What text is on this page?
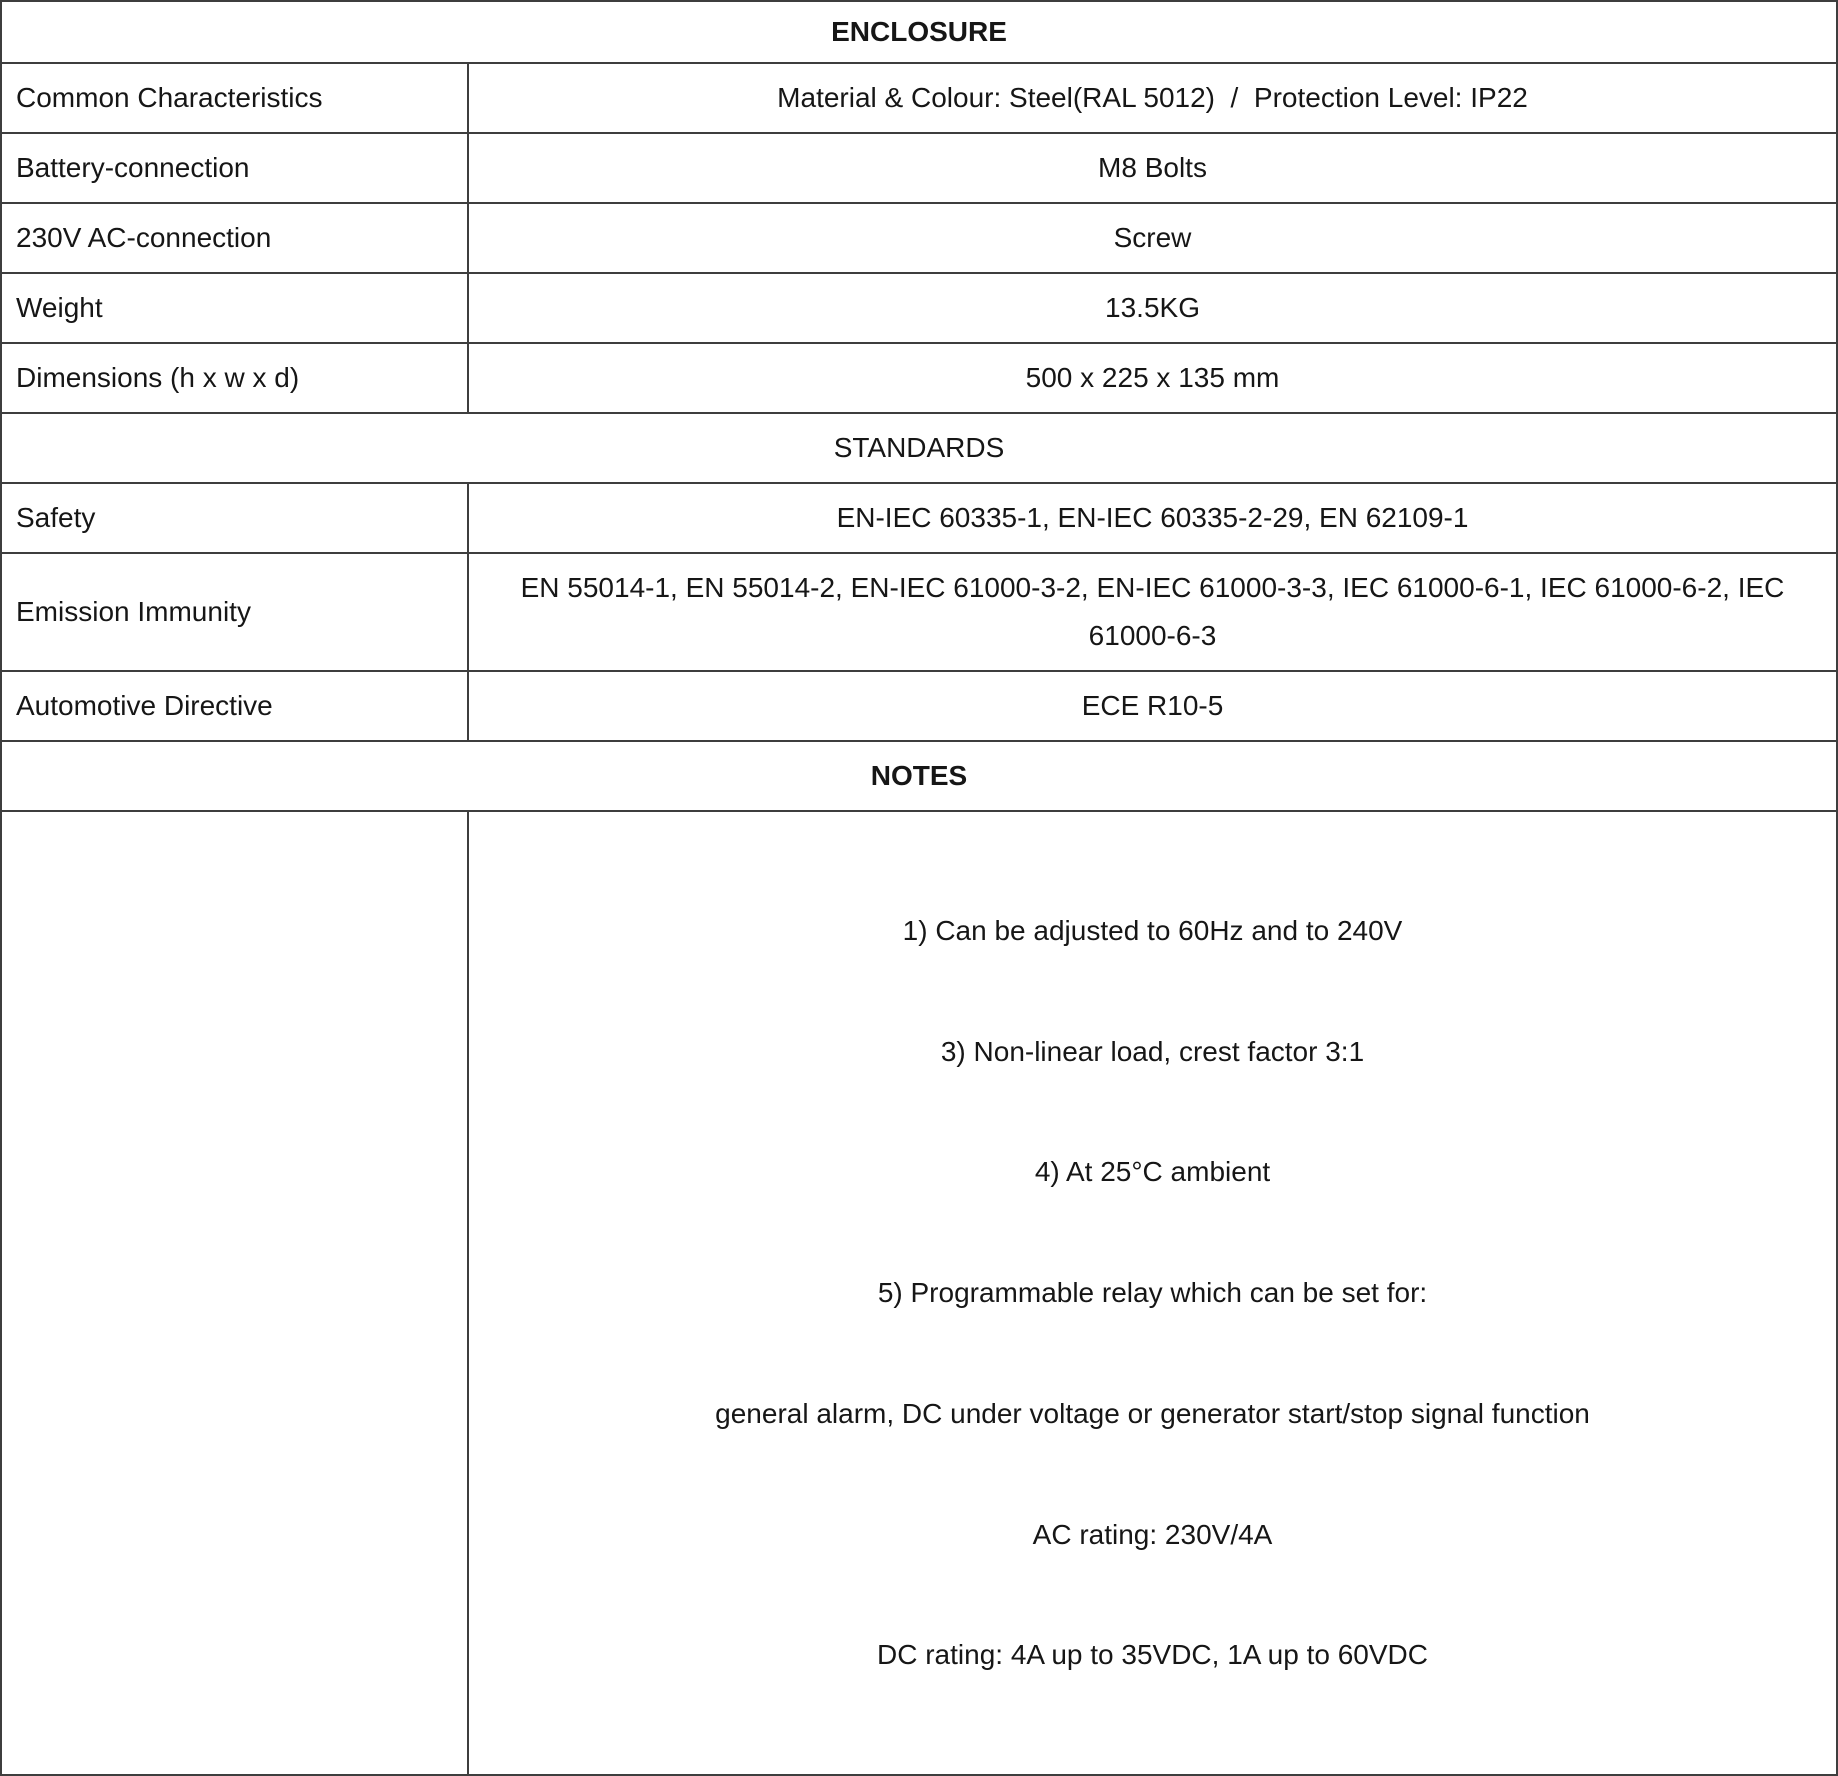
ENCLOSURE	
Common Characteristics	Material & Colour: Steel(RAL 5012)  /  Protection Level: IP22
Battery-connection	M8 Bolts
230V AC-connection	Screw
Weight	13.5KG
Dimensions (h x w x d)	500 x 225 x 135 mm
STANDARDS	
Safety	EN-IEC 60335-1, EN-IEC 60335-2-29, EN 62109-1
Emission Immunity	EN 55014-1, EN 55014-2, EN-IEC 61000-3-2, EN-IEC 61000-3-3, IEC 61000-6-1, IEC 61000-6-2, IEC 61000-6-3
Automotive Directive	ECE R10-5
NOTES	

1) Can be adjusted to 60Hz and to 240V

3) Non-linear load, crest factor 3:1

4) At 25°C ambient

5) Programmable relay which can be set for:

general alarm, DC under voltage or generator start/stop signal function

AC rating: 230V/4A

DC rating: 4A up to 35VDC, 1A up to 60VDC
